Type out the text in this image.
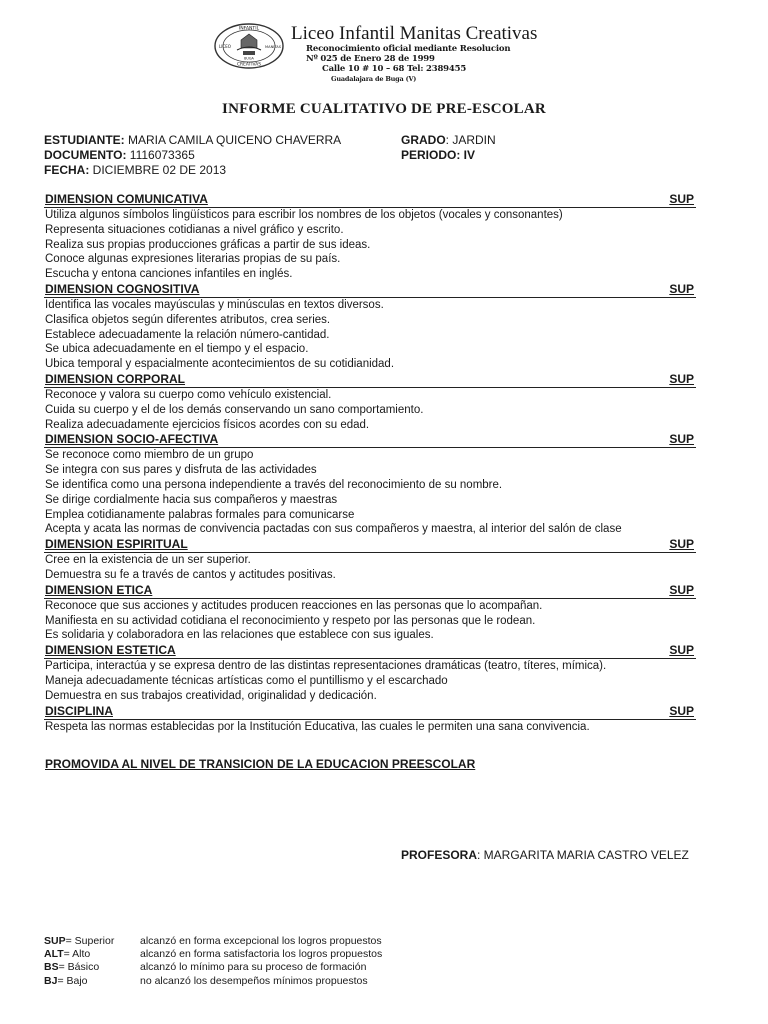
INFANTIL
LICEO	MANITAS
CREATIVAS
BUGA
Liceo Infantil Manitas Creativas
Reconocimiento oficial mediante Resolucion
Nº 025 de Enero 28 de 1999
Calle 10 # 10 – 68 Tel: 2389455
Guadalajara de Buga (V)
INFORME CUALITATIVO DE PRE-ESCOLAR
ESTUDIANTE: MARIA CAMILA QUICENO CHAVERRA
DOCUMENTO: 1116073365
FECHA: DICIEMBRE 02 DE 2013
GRADO: JARDIN
PERIODO: IV
DIMENSION COMUNICATIVA	SUP
Utiliza algunos símbolos lingüísticos para escribir los nombres de los objetos (vocales y consonantes)
Representa situaciones cotidianas a nivel gráfico y escrito.
Realiza sus propias producciones gráficas a partir de sus ideas.
Conoce algunas expresiones literarias propias de su país.
Escucha y entona canciones infantiles en inglés.
DIMENSION COGNOSITIVA	SUP
Identifica las vocales mayúsculas y minúsculas en textos diversos.
Clasifica objetos según diferentes atributos, crea series.
Establece adecuadamente la relación número-cantidad.
Se ubica adecuadamente en el tiempo y el espacio.
Ubica temporal y espacialmente acontecimientos de su cotidianidad.
DIMENSION CORPORAL	SUP
Reconoce y valora su cuerpo como vehículo existencial.
Cuida su cuerpo y el de los demás conservando un sano comportamiento.
Realiza adecuadamente ejercicios físicos acordes con su edad.
DIMENSION SOCIO-AFECTIVA	SUP
Se reconoce como miembro de un grupo
Se integra con sus pares y disfruta de las actividades
Se identifica como una persona independiente a través del reconocimiento de su nombre.
Se dirige cordialmente hacia sus compañeros y maestras
Emplea cotidianamente palabras formales para comunicarse
Acepta y acata las normas de convivencia pactadas con sus compañeros y maestra, al interior del salón de clase
DIMENSION ESPIRITUAL	SUP
Cree en la existencia de un ser superior.
Demuestra su fe a través de cantos y actitudes positivas.
DIMENSION ETICA	SUP
Reconoce que sus acciones y actitudes producen reacciones en las personas que lo acompañan.
Manifiesta en su actividad cotidiana el reconocimiento y respeto por las personas que le rodean.
Es solidaria y colaboradora en las relaciones que establece con sus iguales.
DIMENSION ESTETICA	SUP
Participa, interactúa y se expresa dentro de las distintas representaciones dramáticas (teatro, títeres, mímica).
Maneja adecuadamente técnicas artísticas como el puntillismo y el escarchado
Demuestra en sus trabajos creatividad, originalidad y dedicación.
DISCIPLINA	SUP
Respeta las normas establecidas por la Institución Educativa, las cuales le permiten una sana convivencia.
PROMOVIDA AL NIVEL DE TRANSICION DE LA EDUCACION PREESCOLAR
PROFESORA: MARGARITA MARIA CASTRO VELEZ
SUP= Superior alcanzó en forma excepcional los logros propuestos
ALT= Alto	alcanzó en forma satisfactoria los logros propuestos
BS= Básico	alcanzó lo mínimo para su proceso de formación
BJ= Bajo	no alcanzó los desempeños mínimos propuestos
